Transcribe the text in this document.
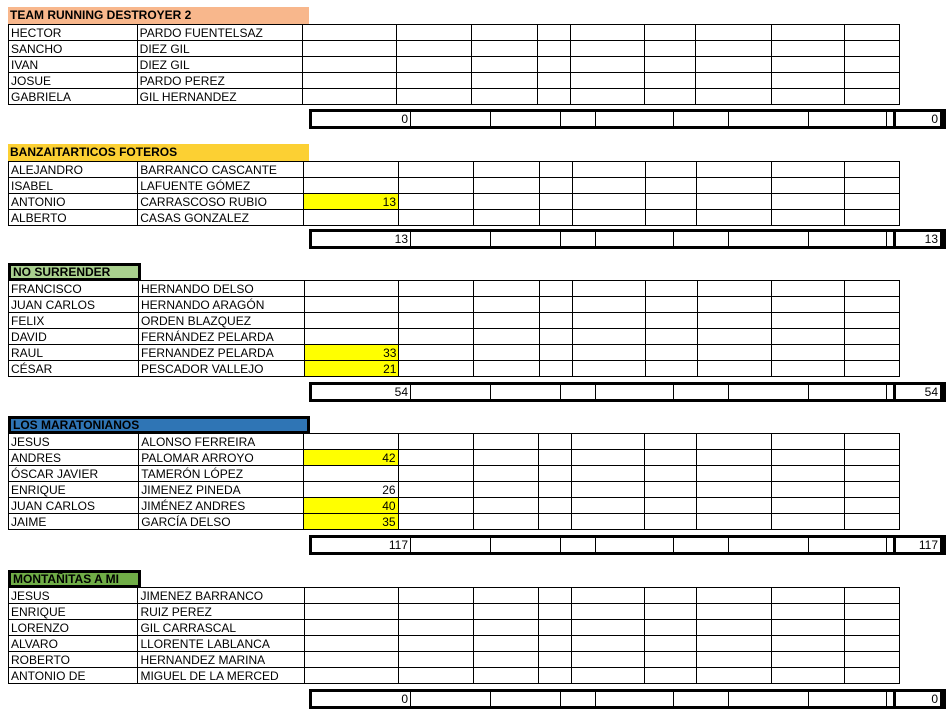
TEAM RUNNING DESTROYER 2
HECTOR	PARDO FUENTELSAZ										
SANCHO	DIEZ GIL										
IVAN	DIEZ GIL										
JOSUE	PARDO PEREZ										
GABRIELA	GIL HERNANDEZ										
0									0
BANZAITARTICOS FOTEROS
ALEJANDRO	BARRANCO CASCANTE										
ISABEL	LAFUENTE GÓMEZ										
ANTONIO	CARRASCOSO RUBIO	13									
ALBERTO	CASAS GONZALEZ										
13									13
NO SURRENDER
FRANCISCO	HERNANDO DELSO										
JUAN CARLOS	HERNANDO ARAGÓN										
FELIX	ORDEN BLAZQUEZ										
DAVID	FERNÁNDEZ PELARDA										
RAUL	FERNANDEZ PELARDA	33									
CÉSAR	PESCADOR VALLEJO	21									
54									54
LOS MARATONIANOS
JESUS	ALONSO FERREIRA										
ANDRES	PALOMAR ARROYO	42									
ÓSCAR JAVIER	TAMERÓN LÓPEZ										
ENRIQUE	JIMENEZ PINEDA	26									
JUAN CARLOS	JIMÉNEZ ANDRES	40									
JAIME	GARCÍA DELSO	35									
117									117
MONTAÑITAS A MI
JESUS	JIMENEZ BARRANCO										
ENRIQUE	RUIZ PEREZ										
LORENZO	GIL CARRASCAL										
ALVARO	LLORENTE LABLANCA										
ROBERTO	HERNANDEZ MARINA										
ANTONIO DE	MIGUEL DE LA MERCED										
0									0
